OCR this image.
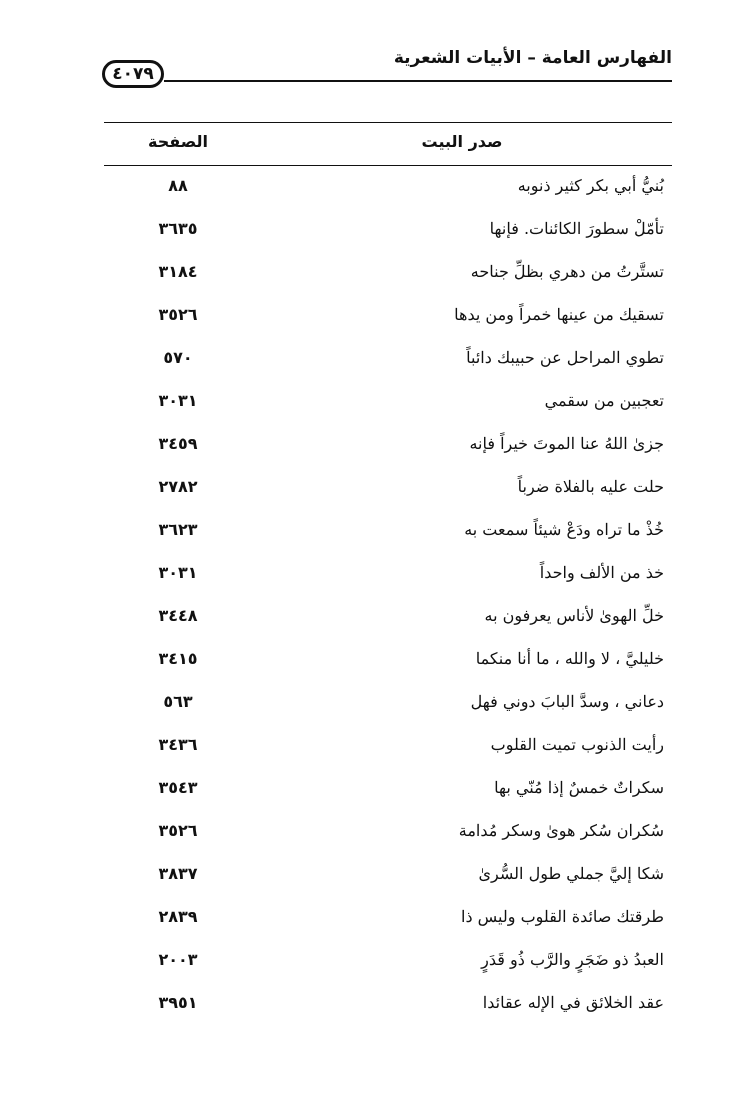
٤٠٧٩
الفهارس العامة – الأبيات الشعرية
صدر البيت
الصفحة
بُنيُّ أبي بكر كثير ذنوبه
٨٨
تأمّلْ سطورَ الكائنات. فإنها
٣٦٣٥
تستَّرتُ من دهري بظلِّ جناحه
٣١٨٤
تسقيك من عينها خمراً ومن يدها
٣٥٢٦
تطوي المراحل عن حبيبك دائباً
٥٧٠
تعجبين من سقمي
٣٠٣١
جزىٰ اللهُ عنا الموتَ خيراً فإنه
٣٤٥٩
حلت عليه بالفلاة ضرباً
٢٧٨٢
خُذْ ما تراه ودَعْ شيئاً سمعت به
٣٦٢٣
خذ من الألف واحداً
٣٠٣١
خلِّ الهوىٰ لأناس يعرفون به
٣٤٤٨
خليليَّ ، لا والله ، ما أنا منكما
٣٤١٥
دعاني ، وسدَّ البابَ دوني فهل
٥٦٣
رأيت الذنوب تميت القلوب
٣٤٣٦
سكراتٌ خمسٌ إذا مُنّي بها
٣٥٤٣
سُكران سُكر هوىٰ وسكر مُدامة
٣٥٢٦
شكا إليَّ جملي طول السُّرىٰ
٣٨٣٧
طرقتك صائدة القلوب وليس ذا
٢٨٣٩
العبدُ ذو ضَجَرٍ والرَّب ذُو قَدَرٍ
٢٠٠٣
عقد الخلائق في الإله عقائدا
٣٩٥١
